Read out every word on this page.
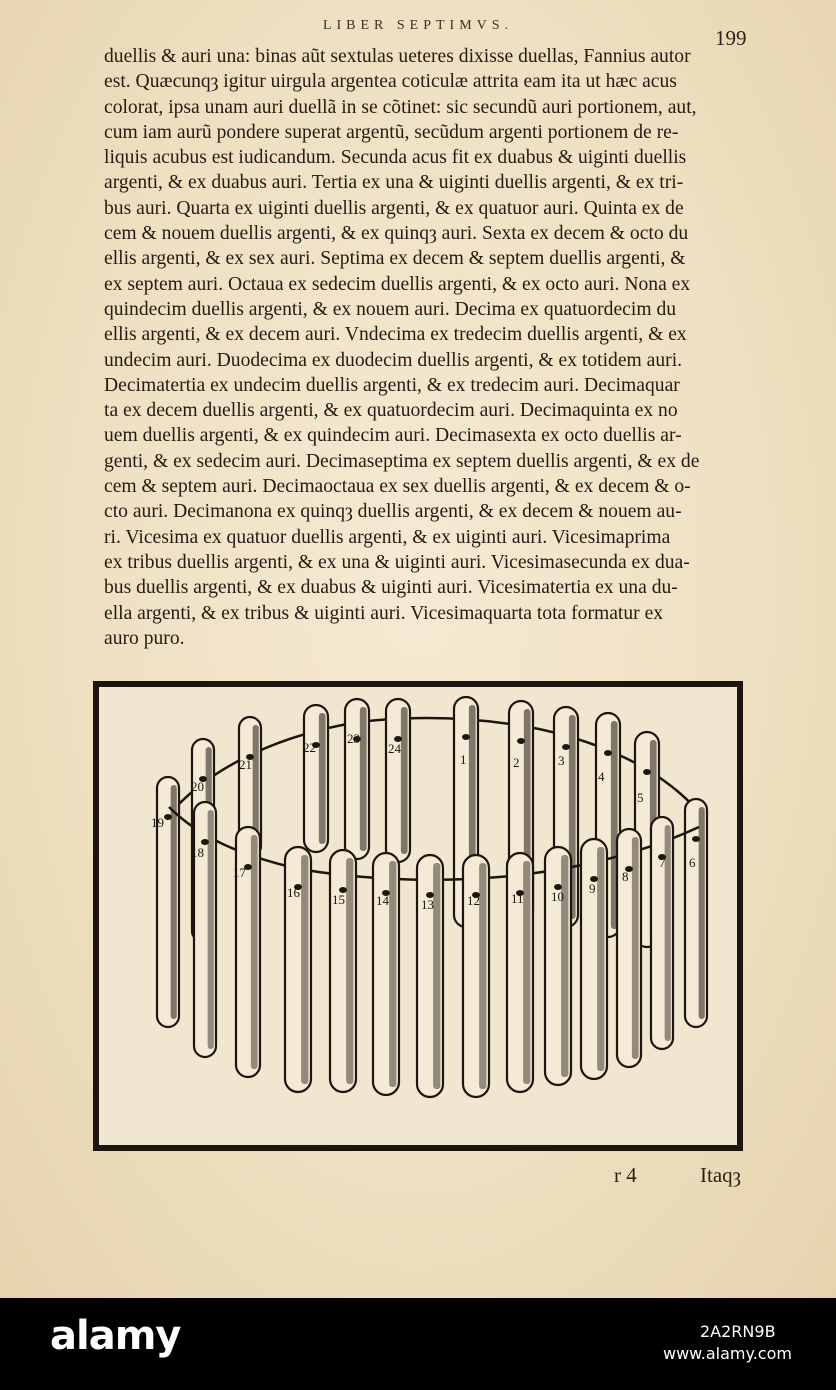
LIBER SEPTIMVS.
199
duellis & auri una: binas aũt sextulas ueteres dixisse duellas, Fannius autor
est. Quæcunqȝ igitur uirgula argentea coticulæ attrita eam ita ut hæc acus
colorat, ipsa unam auri duellã in se cõtinet: sic secundũ auri portionem, aut,
cum iam aurũ pondere superat argentũ, secũdum argenti portionem de re-
liquis acubus est iudicandum. Secunda acus fit ex duabus & uiginti duellis
argenti, & ex duabus auri. Tertia ex una & uiginti duellis argenti, & ex tri-
bus auri. Quarta ex uiginti duellis argenti, & ex quatuor auri. Quinta ex de
cem & nouem duellis argenti, & ex quinqȝ auri. Sexta ex decem & octo du
ellis argenti, & ex sex auri. Septima ex decem & septem duellis argenti, &
ex septem auri. Octaua ex sedecim duellis argenti, & ex octo auri. Nona ex
quindecim duellis argenti, & ex nouem auri. Decima ex quatuordecim du
ellis argenti, & ex decem auri. Vndecima ex tredecim duellis argenti, & ex
undecim auri. Duodecima ex duodecim duellis argenti, & ex totidem auri.
Decimatertia ex undecim duellis argenti, & ex tredecim auri. Decimaquar
ta ex decem duellis argenti, & ex quatuordecim auri. Decimaquinta ex no
uem duellis argenti, & ex quindecim auri. Decimasexta ex octo duellis ar-
genti, & ex sedecim auri. Decimaseptima ex septem duellis argenti, & ex de
cem & septem auri. Decimaoctaua ex sex duellis argenti, & ex decem & o-
cto auri. Decimanona ex quinqȝ duellis argenti, & ex decem & nouem au-
ri. Vicesima ex quatuor duellis argenti, & ex uiginti auri. Vicesimaprima
ex tribus duellis argenti, & ex una & uiginti auri. Vicesimasecunda ex dua-
bus duellis argenti, & ex duabus & uiginti auri. Vicesimatertia ex una du-
ella argenti, & ex tribus & uiginti auri. Vicesimaquarta tota formatur ex
auro puro.
24
23
22
21
20
19
1	2	3
4
5
6
18
17
16 15 14 13	12 11 10
9
8
7
r 4	Itaqȝ
alamy	2A2RN9B
www.alamy.com
